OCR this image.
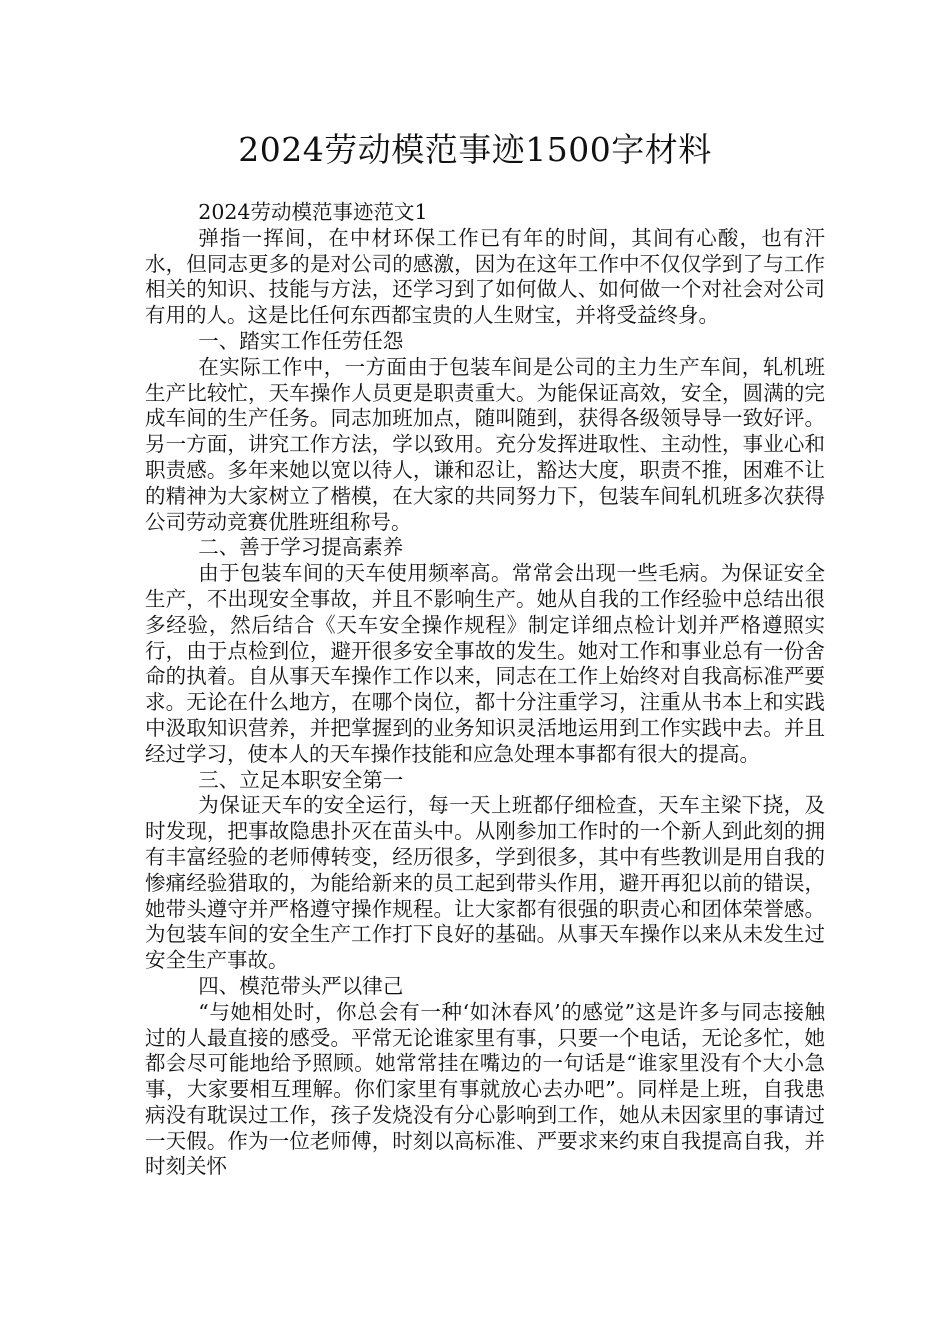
2024劳动模范事迹1500字材料

2024劳动模范事迹范文1

弹指一挥间，在中材环保工作已有年的时间，其间有心酸，也有汗水，但同志更多的是对公司的感激，因为在这年工作中不仅仅学到了与工作相关的知识、技能与方法，还学习到了如何做人、如何做一个对社会对公司有用的人。这是比任何东西都宝贵的人生财宝，并将受益终身。

一、踏实工作任劳任怨

在实际工作中，一方面由于包装车间是公司的主力生产车间，轧机班生产比较忙，天车操作人员更是职责重大。为能保证高效，安全，圆满的完成车间的生产任务。同志加班加点，随叫随到，获得各级领导导一致好评。另一方面，讲究工作方法，学以致用。充分发挥进取性、主动性，事业心和职责感。多年来她以宽以待人，谦和忍让，豁达大度，职责不推，困难不让的精神为大家树立了楷模，在大家的共同努力下，包装车间轧机班多次获得公司劳动竞赛优胜班组称号。

二、善于学习提高素养

由于包装车间的天车使用频率高。常常会出现一些毛病。为保证安全生产，不出现安全事故，并且不影响生产。她从自我的工作经验中总结出很多经验，然后结合《天车安全操作规程》制定详细点检计划并严格遵照实行，由于点检到位，避开很多安全事故的发生。她对工作和事业总有一份舍命的执着。自从事天车操作工作以来，同志在工作上始终对自我高标准严要求。无论在什么地方，在哪个岗位，都十分注重学习，注重从书本上和实践中汲取知识营养，并把掌握到的业务知识灵活地运用到工作实践中去。并且经过学习，使本人的天车操作技能和应急处理本事都有很大的提高。

三、立足本职安全第一

为保证天车的安全运行，每一天上班都仔细检查，天车主梁下挠，及时发现，把事故隐患扑灭在苗头中。从刚参加工作时的一个新人到此刻的拥有丰富经验的老师傅转变，经历很多，学到很多，其中有些教训是用自我的惨痛经验猎取的，为能给新来的员工起到带头作用，避开再犯以前的错误，她带头遵守并严格遵守操作规程。让大家都有很强的职责心和团体荣誉感。为包装车间的安全生产工作打下良好的基础。从事天车操作以来从未发生过安全生产事故。

四、模范带头严以律己

“与她相处时，你总会有一种‘如沐春风’的感觉”这是许多与同志接触过的人最直接的感受。平常无论谁家里有事，只要一个电话，无论多忙，她都会尽可能地给予照顾。她常常挂在嘴边的一句话是“谁家里没有个大小急事，大家要相互理解。你们家里有事就放心去办吧”。同样是上班，自我患病没有耽误过工作，孩子发烧没有分心影响到工作，她从未因家里的事请过一天假。作为一位老师傅，时刻以高标准、严要求来约束自我提高自我，并时刻关怀
